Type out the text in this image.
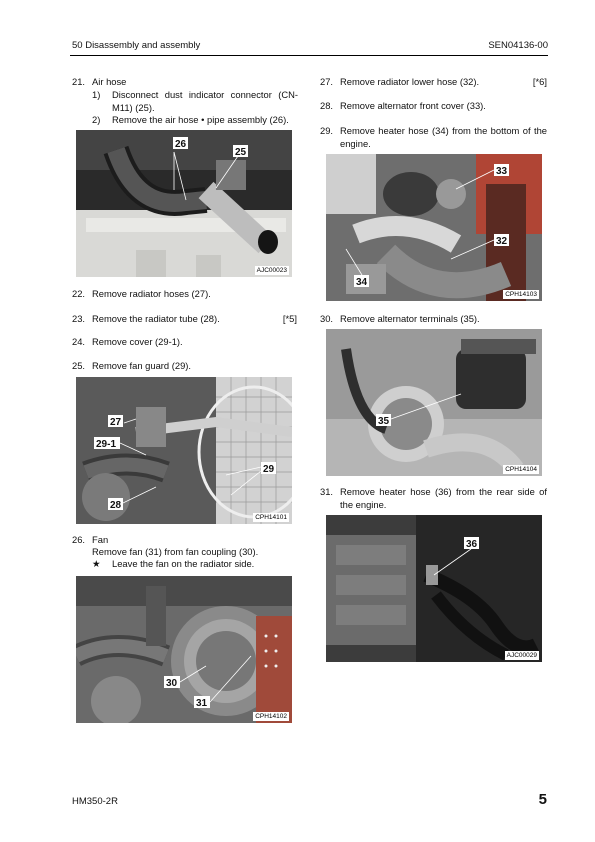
50 Disassembly and assembly	SEN04136-00
21. Air hose
1) Disconnect dust indicator connector (CN-M11) (25).
2) Remove the air hose • pipe assembly (26).
26
25
AJC00023
22. Remove radiator hoses (27).
23. Remove the radiator tube (28).	[*5]
24. Remove cover (29-1).
25. Remove fan guard (29).
27
29-1
29
28
CPH14101
26. Fan
Remove fan (31) from fan coupling (30).
★ Leave the fan on the radiator side.
30
31
CPH14102
27. Remove radiator lower hose (32).	[*6]
28. Remove alternator front cover (33).
29. Remove heater hose (34) from the bottom of the engine.
33
32
34
CPH14103
30. Remove alternator terminals (35).
35
CPH14104
31. Remove heater hose (36) from the rear side of the engine.
36
AJC00029
HM350-2R	5
